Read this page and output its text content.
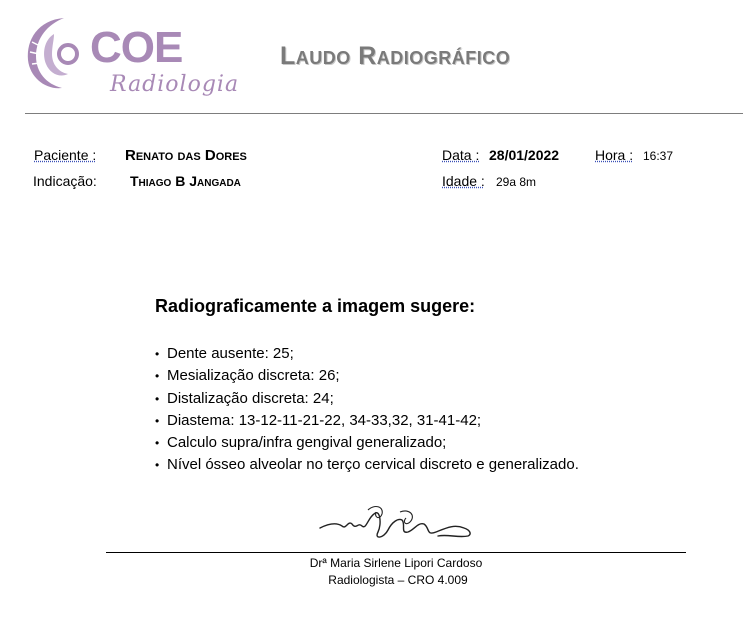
COE
Radiologia
Laudo Radiográfico
Paciente : Renato das Dores
Indicação: Thiago B Jangada
Data : 28/01/2022	Hora : 16:37
Idade : 29a 8m
Radiograficamente a imagem sugere:
• Dente ausente: 25;
• Mesialização discreta: 26;
• Distalização discreta: 24;
• Diastema: 13-12-11-21-22, 34-33,32, 31-41-42;
• Calculo supra/infra gengival generalizado;
• Nível ósseo alveolar no terço cervical discreto e generalizado.
Drª Maria Sirlene Lipori Cardoso
Radiologista – CRO 4.009
